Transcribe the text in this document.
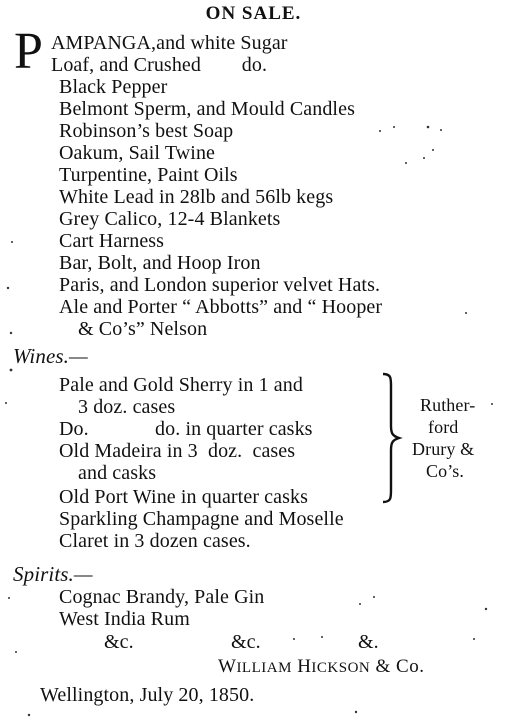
ON SALE.
P AMPANGA,and white Sugar
Loaf, and Crushed        do.
Black Pepper
Belmont Sperm, and Mould Candles
Robinson’s best Soap
Oakum, Sail Twine
Turpentine, Paint Oils
White Lead in 28lb and 56lb kegs
Grey Calico, 12-4 Blankets
Cart Harness
Bar, Bolt, and Hoop Iron
Paris, and London superior velvet Hats.
Ale and Porter “ Abbotts” and “ Hooper
& Co’s” Nelson
Wines.—
Pale and Gold Sherry in 1 and
3 doz. cases
Do.             do. in quarter casks
Old Madeira in 3  doz.  cases
and casks
Old Port Wine in quarter casks
Ruther-
ford
Drury &
Co’s.
Sparkling Champagne and Moselle
Claret in 3 dozen cases.
Spirits.—
Cognac Brandy, Pale Gin
West India Rum
&c.	&c.	&.
WILLIAM HICKSON & Co.
Wellington, July 20, 1850.
